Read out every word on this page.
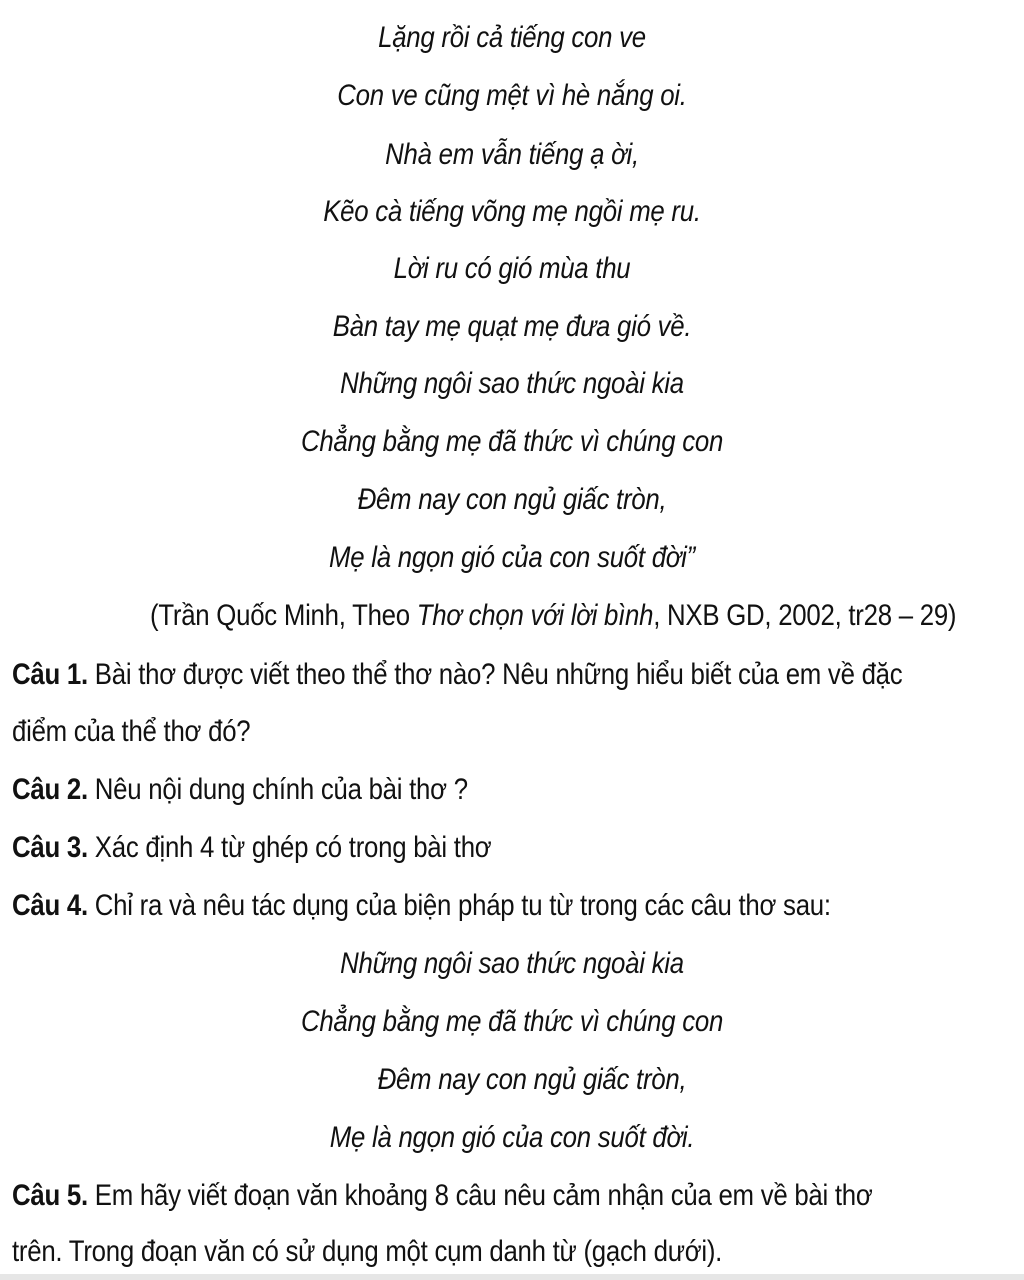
Lặng rồi cả tiếng con ve
Con ve cũng mệt vì hè nắng oi.
Nhà em vẫn tiếng ạ ời,
Kẽo cà tiếng võng mẹ ngồi mẹ ru.
Lời ru có gió mùa thu
Bàn tay mẹ quạt mẹ đưa gió về.
Những ngôi sao thức ngoài kia
Chẳng bằng mẹ đã thức vì chúng con
Đêm nay con ngủ giấc tròn,
Mẹ là ngọn gió của con suốt đời”
(Trần Quốc Minh, Theo Thơ chọn với lời bình, NXB GD, 2002, tr28 – 29)
Câu 1. Bài thơ được viết theo thể thơ nào? Nêu những hiểu biết của em về đặc
điểm của thể thơ đó?
Câu 2. Nêu nội dung chính của bài thơ ?
Câu 3. Xác định 4 từ ghép có trong bài thơ
Câu 4. Chỉ ra và nêu tác dụng của biện pháp tu từ trong các câu thơ sau:
Những ngôi sao thức ngoài kia
Chẳng bằng mẹ đã thức vì chúng con
Đêm nay con ngủ giấc tròn,
Mẹ là ngọn gió của con suốt đời.
Câu 5. Em hãy viết đoạn văn khoảng 8 câu nêu cảm nhận của em về bài thơ
trên. Trong đoạn văn có sử dụng một cụm danh từ (gạch dưới).
